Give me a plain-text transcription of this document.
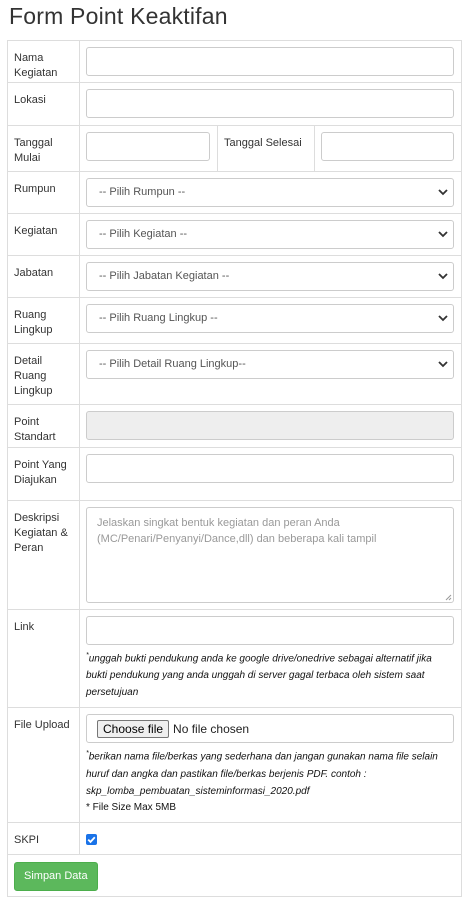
Form Point Keaktifan
Nama Kegiatan			

Lokasi			

Tanggal Mulai		Tanggal Selesai	

Rumpun	-- Pilih Rumpun --		

Kegiatan	-- Pilih Kegiatan --		

Jabatan	-- Pilih Jabatan Kegiatan --		

Ruang Lingkup	-- Pilih Ruang Lingkup --		

Detail Ruang Lingkup	-- Pilih Detail Ruang Lingkup--		

Point Standart			

Point Yang Diajukan			

Deskripsi Kegiatan & Peran	Jelaskan singkat bentuk kegiatan dan peran Anda (MC/Penari/Penyanyi/Dance,dll) dan beberapa kali tampil		

Link	*unggah bukti pendukung anda ke google drive/onedrive sebagai alternatif jika bukti pendukung yang anda unggah di server gagal terbaca oleh sistem saat persetujuan		

File Upload	Choose file No file chosen
*berikan nama file/berkas yang sederhana dan jangan gunakan nama file selain huruf dan angka dan pastikan file/berkas berjenis PDF. contoh : skp_lomba_pembuatan_sisteminformasi_2020.pdf
* File Size Max 5MB		

SKPI

Simpan Data			
